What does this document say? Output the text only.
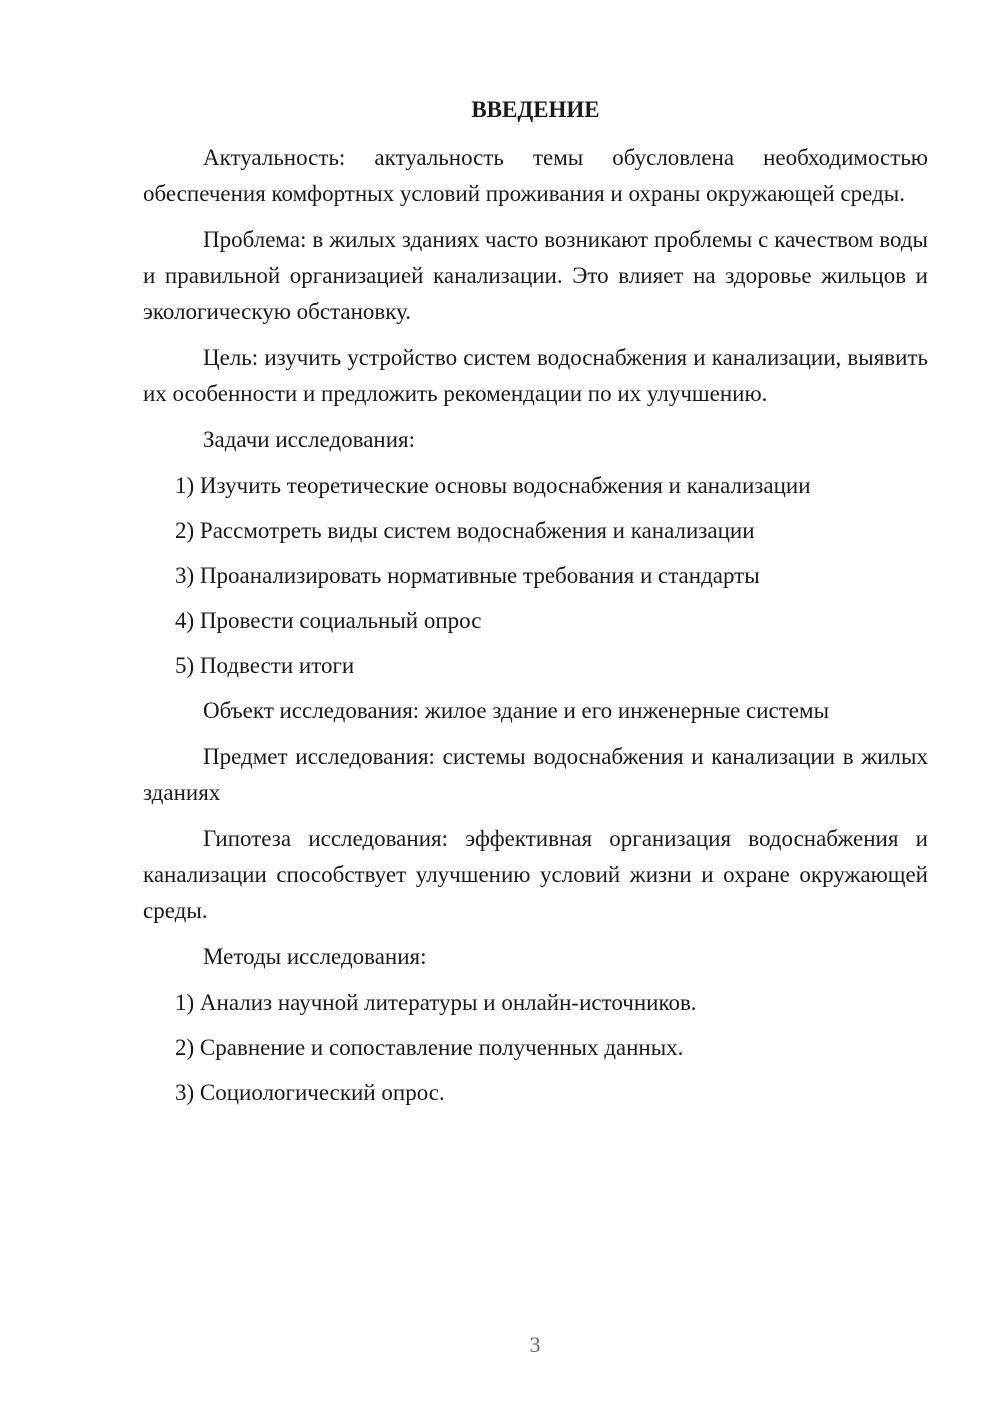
ВВЕДЕНИЕ

Актуальность: актуальность темы обусловлена необходимостью обеспечения комфортных условий проживания и охраны окружающей среды.

Проблема: в жилых зданиях часто возникают проблемы с качеством воды и правильной организацией канализации. Это влияет на здоровье жильцов и экологическую обстановку.

Цель: изучить устройство систем водоснабжения и канализации, выявить их особенности и предложить рекомендации по их улучшению.

Задачи исследования:

1) Изучить теоретические основы водоснабжения и канализации

2) Рассмотреть виды систем водоснабжения и канализации

3) Проанализировать нормативные требования и стандарты

4) Провести социальный опрос

5) Подвести итоги

Объект исследования: жилое здание и его инженерные системы

Предмет исследования: системы водоснабжения и канализации в жилых зданиях

Гипотеза исследования: эффективная организация водоснабжения и канализации способствует улучшению условий жизни и охране окружающей среды.

Методы исследования:

1) Анализ научной литературы и онлайн-источников.

2) Сравнение и сопоставление полученных данных.

3) Социологический опрос.

3
